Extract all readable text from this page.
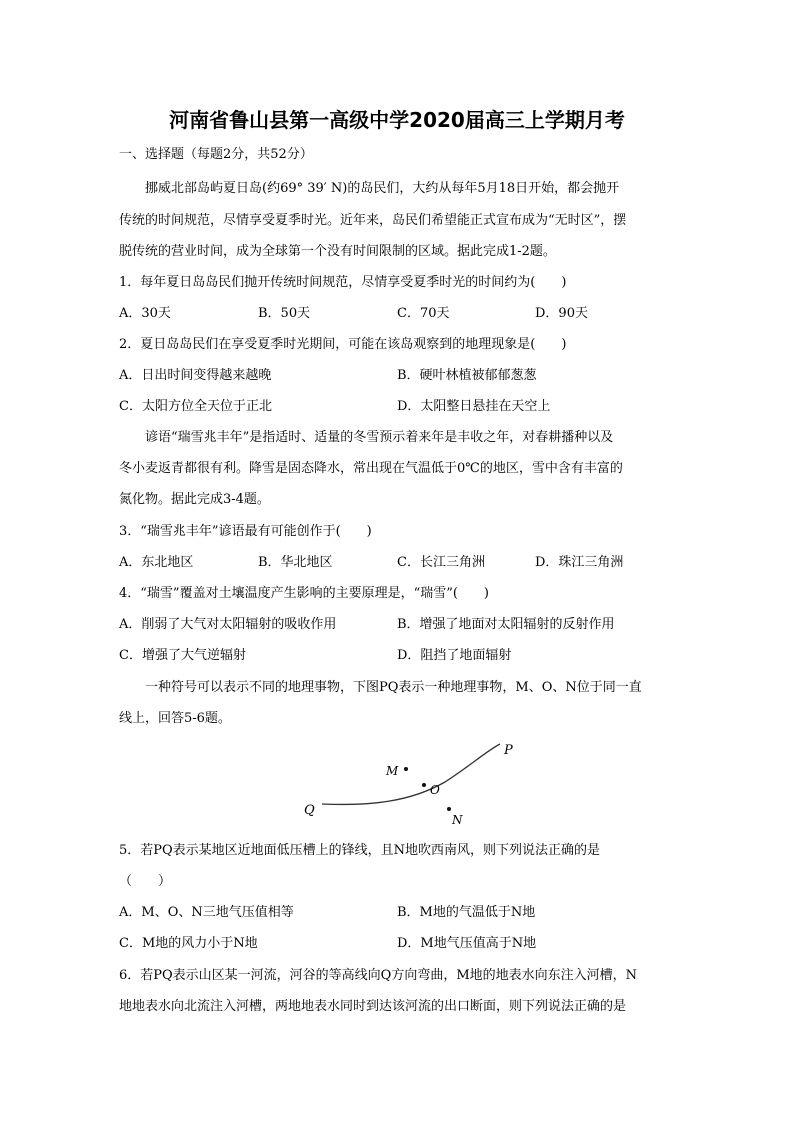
河南省鲁山县第一高级中学2020届高三上学期月考
一、选择题（每题2分，共52分）
挪威北部岛屿夏日岛(约69° 39′ N)的岛民们，大约从每年5月18日开始，都会抛开
传统的时间规范，尽情享受夏季时光。近年来，岛民们希望能正式宣布成为“无时区”，摆
脱传统的营业时间，成为全球第一个没有时间限制的区域。据此完成1-2题。
1．每年夏日岛岛民们抛开传统时间规范，尽情享受夏季时光的时间约为(　　)
A．30天	B．50天	C．70天	D．90天
2．夏日岛岛民们在享受夏季时光期间，可能在该岛观察到的地理现象是(　　)
A．日出时间变得越来越晚	B．硬叶林植被郁郁葱葱
C．太阳方位全天位于正北	D．太阳整日悬挂在天空上
谚语“瑞雪兆丰年”是指适时、适量的冬雪预示着来年是丰收之年，对春耕播种以及
冬小麦返青都很有利。降雪是固态降水，常出现在气温低于0℃的地区，雪中含有丰富的
氮化物。据此完成3-4题。
3．“瑞雪兆丰年”谚语最有可能创作于(　　)
A．东北地区	B．华北地区	C．长江三角洲	D．珠江三角洲
4．“瑞雪”覆盖对土壤温度产生影响的主要原理是，“瑞雪”(　　)
A．削弱了大气对太阳辐射的吸收作用	B．增强了地面对太阳辐射的反射作用
C．增强了大气逆辐射	D．阻挡了地面辐射
一种符号可以表示不同的地理事物，下图PQ表示一种地理事物，M、O、N位于同一直
线上，回答5-6题。
P
Q
M
O
N
5．若PQ表示某地区近地面低压槽上的锋线，且N地吹西南风，则下列说法正确的是
（　　）
A．M、O、N三地气压值相等	B．M地的气温低于N地
C．M地的风力小于N地	D．M地气压值高于N地
6．若PQ表示山区某一河流，河谷的等高线向Q方向弯曲，M地的地表水向东注入河槽，N
地地表水向北流注入河槽，两地地表水同时到达该河流的出口断面，则下列说法正确的是
